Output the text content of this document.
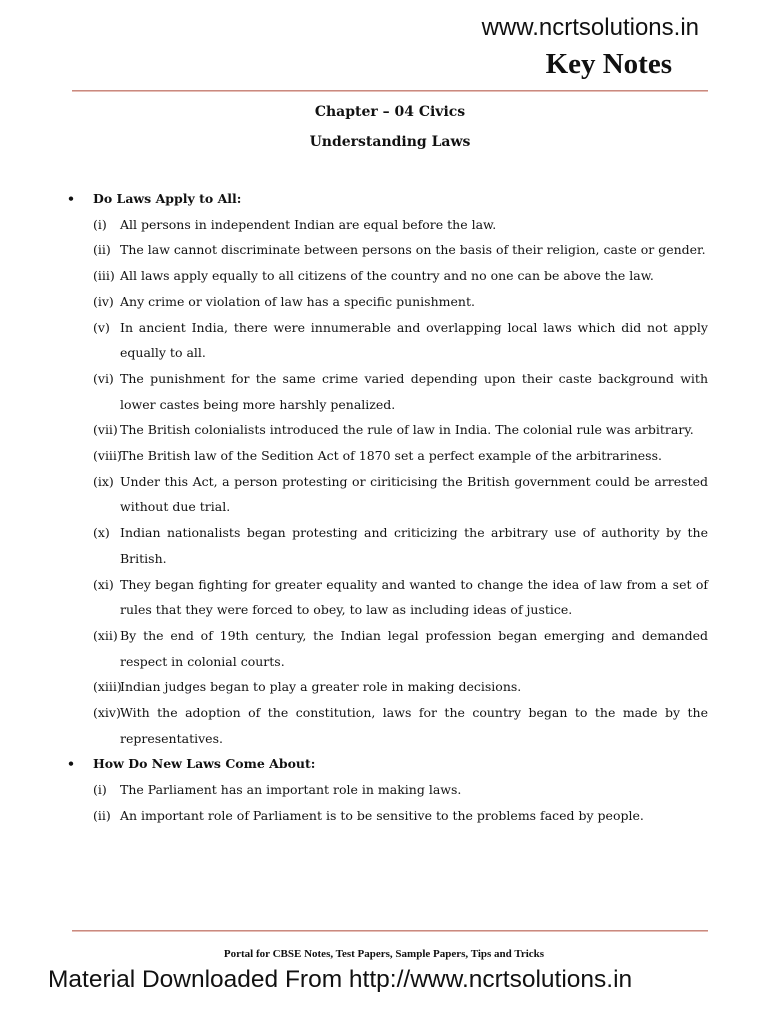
www.ncrtsolutions.in
Key Notes
Chapter – 04 Civics
Understanding Laws
•	Do Laws Apply to All:
(i)	All persons in independent Indian are equal before the law.
(ii) The law cannot discriminate between persons on the basis of their religion, caste or gender.
(iii) All laws apply equally to all citizens of the country and no one can be above the law.
(iv) Any crime or violation of law has a specific punishment.
(v) In ancient India, there were innumerable and overlapping local laws which did not apply equally to all.
(vi) The punishment for the same crime varied depending upon their caste background with lower castes being more harshly penalized.
(vii) The British colonialists introduced the rule of law in India. The colonial rule was arbitrary.
(viii)
The British law of the Sedition Act of 1870 set a perfect example of the arbitrariness.
(ix) Under this Act, a person protesting or ciriticising the British government could be arrested without due trial.
(x) Indian nationalists began protesting and criticizing the arbitrary use of authority by the British.
(xi) They began fighting for greater equality and wanted to change the idea of law from a set of rules that they were forced to obey, to law as including ideas of justice.
(xii) By the end of 19th century, the Indian legal profession began emerging and demanded respect in colonial courts.
(xiii)
Indian judges began to play a greater role in making decisions.
(xiv) With the adoption of the constitution, laws for the country began to the made by the representatives.
•	How Do New Laws Come About:
(i)	The Parliament has an important role in making laws.
(ii) An important role of Parliament is to be sensitive to the problems faced by people.
Portal for CBSE Notes, Test Papers, Sample Papers, Tips and Tricks
Material Downloaded From http://www.ncrtsolutions.in
